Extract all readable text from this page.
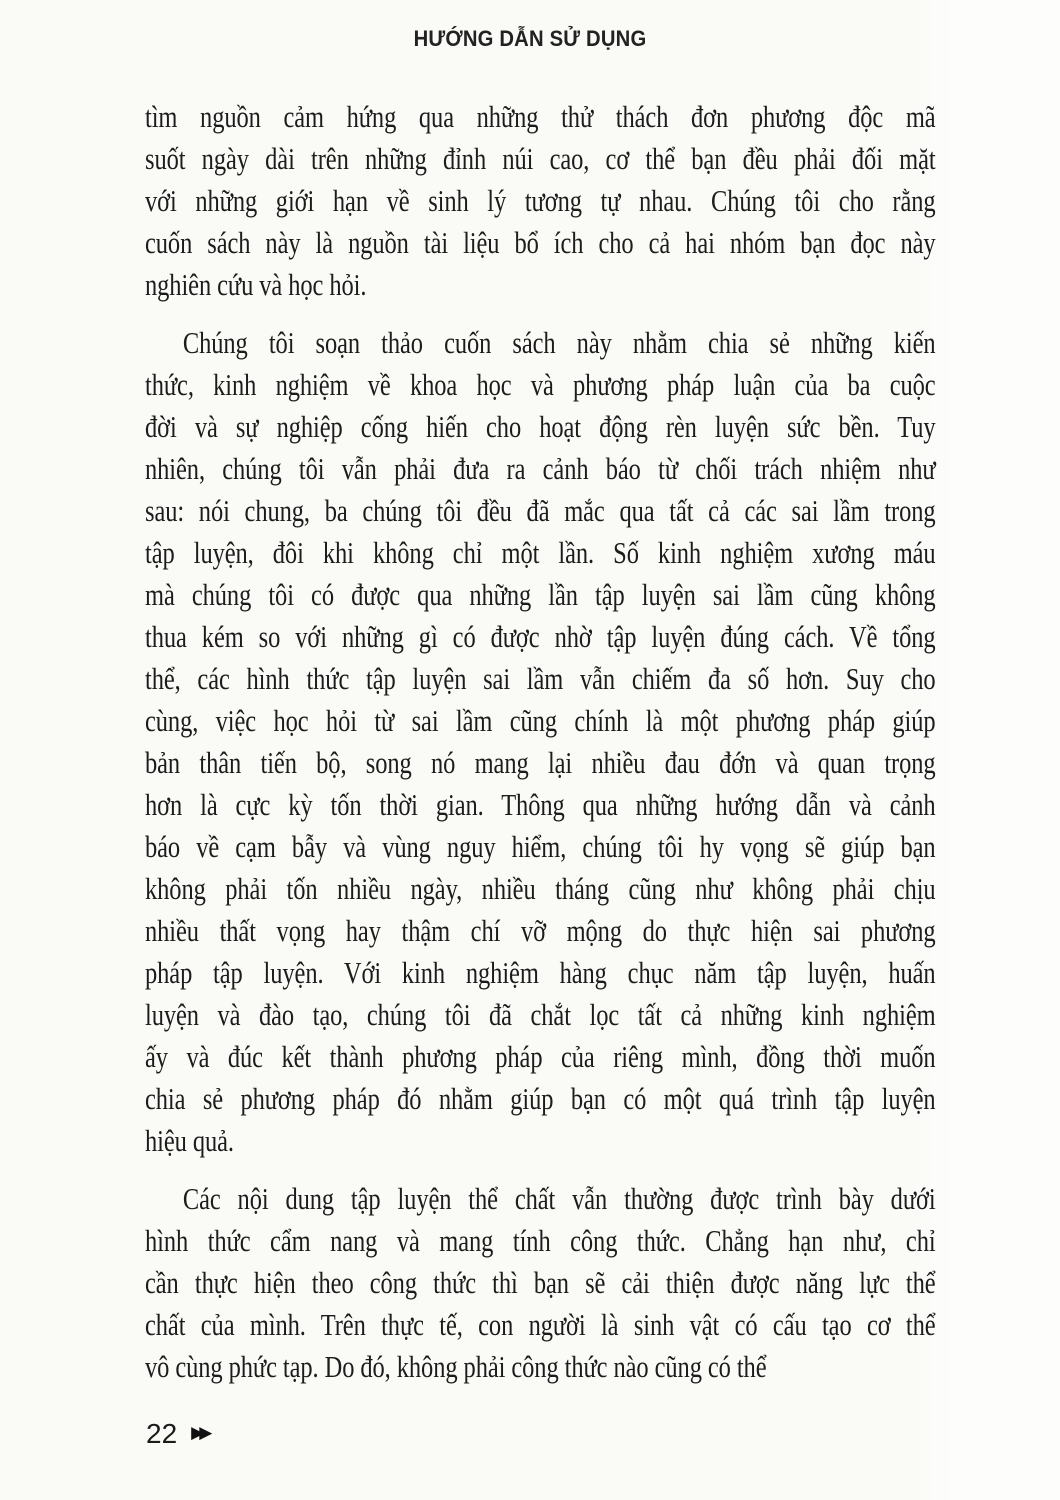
HƯỚNG DẪN SỬ DỤNG
tìm nguồn cảm hứng qua những thử thách đơn phương độc mã
suốt ngày dài trên những đỉnh núi cao, cơ thể bạn đều phải đối mặt
với những giới hạn về sinh lý tương tự nhau. Chúng tôi cho rằng
cuốn sách này là nguồn tài liệu bổ ích cho cả hai nhóm bạn đọc này
nghiên cứu và học hỏi.
Chúng tôi soạn thảo cuốn sách này nhằm chia sẻ những kiến
thức, kinh nghiệm về khoa học và phương pháp luận của ba cuộc
đời và sự nghiệp cống hiến cho hoạt động rèn luyện sức bền. Tuy
nhiên, chúng tôi vẫn phải đưa ra cảnh báo từ chối trách nhiệm như
sau: nói chung, ba chúng tôi đều đã mắc qua tất cả các sai lầm trong
tập luyện, đôi khi không chỉ một lần. Số kinh nghiệm xương máu
mà chúng tôi có được qua những lần tập luyện sai lầm cũng không
thua kém so với những gì có được nhờ tập luyện đúng cách. Về tổng
thể, các hình thức tập luyện sai lầm vẫn chiếm đa số hơn. Suy cho
cùng, việc học hỏi từ sai lầm cũng chính là một phương pháp giúp
bản thân tiến bộ, song nó mang lại nhiều đau đớn và quan trọng
hơn là cực kỳ tốn thời gian. Thông qua những hướng dẫn và cảnh
báo về cạm bẫy và vùng nguy hiểm, chúng tôi hy vọng sẽ giúp bạn
không phải tốn nhiều ngày, nhiều tháng cũng như không phải chịu
nhiều thất vọng hay thậm chí vỡ mộng do thực hiện sai phương
pháp tập luyện. Với kinh nghiệm hàng chục năm tập luyện, huấn
luyện và đào tạo, chúng tôi đã chắt lọc tất cả những kinh nghiệm
ấy và đúc kết thành phương pháp của riêng mình, đồng thời muốn
chia sẻ phương pháp đó nhằm giúp bạn có một quá trình tập luyện
hiệu quả.
Các nội dung tập luyện thể chất vẫn thường được trình bày dưới
hình thức cẩm nang và mang tính công thức. Chẳng hạn như, chỉ
cần thực hiện theo công thức thì bạn sẽ cải thiện được năng lực thể
chất của mình. Trên thực tế, con người là sinh vật có cấu tạo cơ thể
vô cùng phức tạp. Do đó, không phải công thức nào cũng có thể
22 ▶▶
